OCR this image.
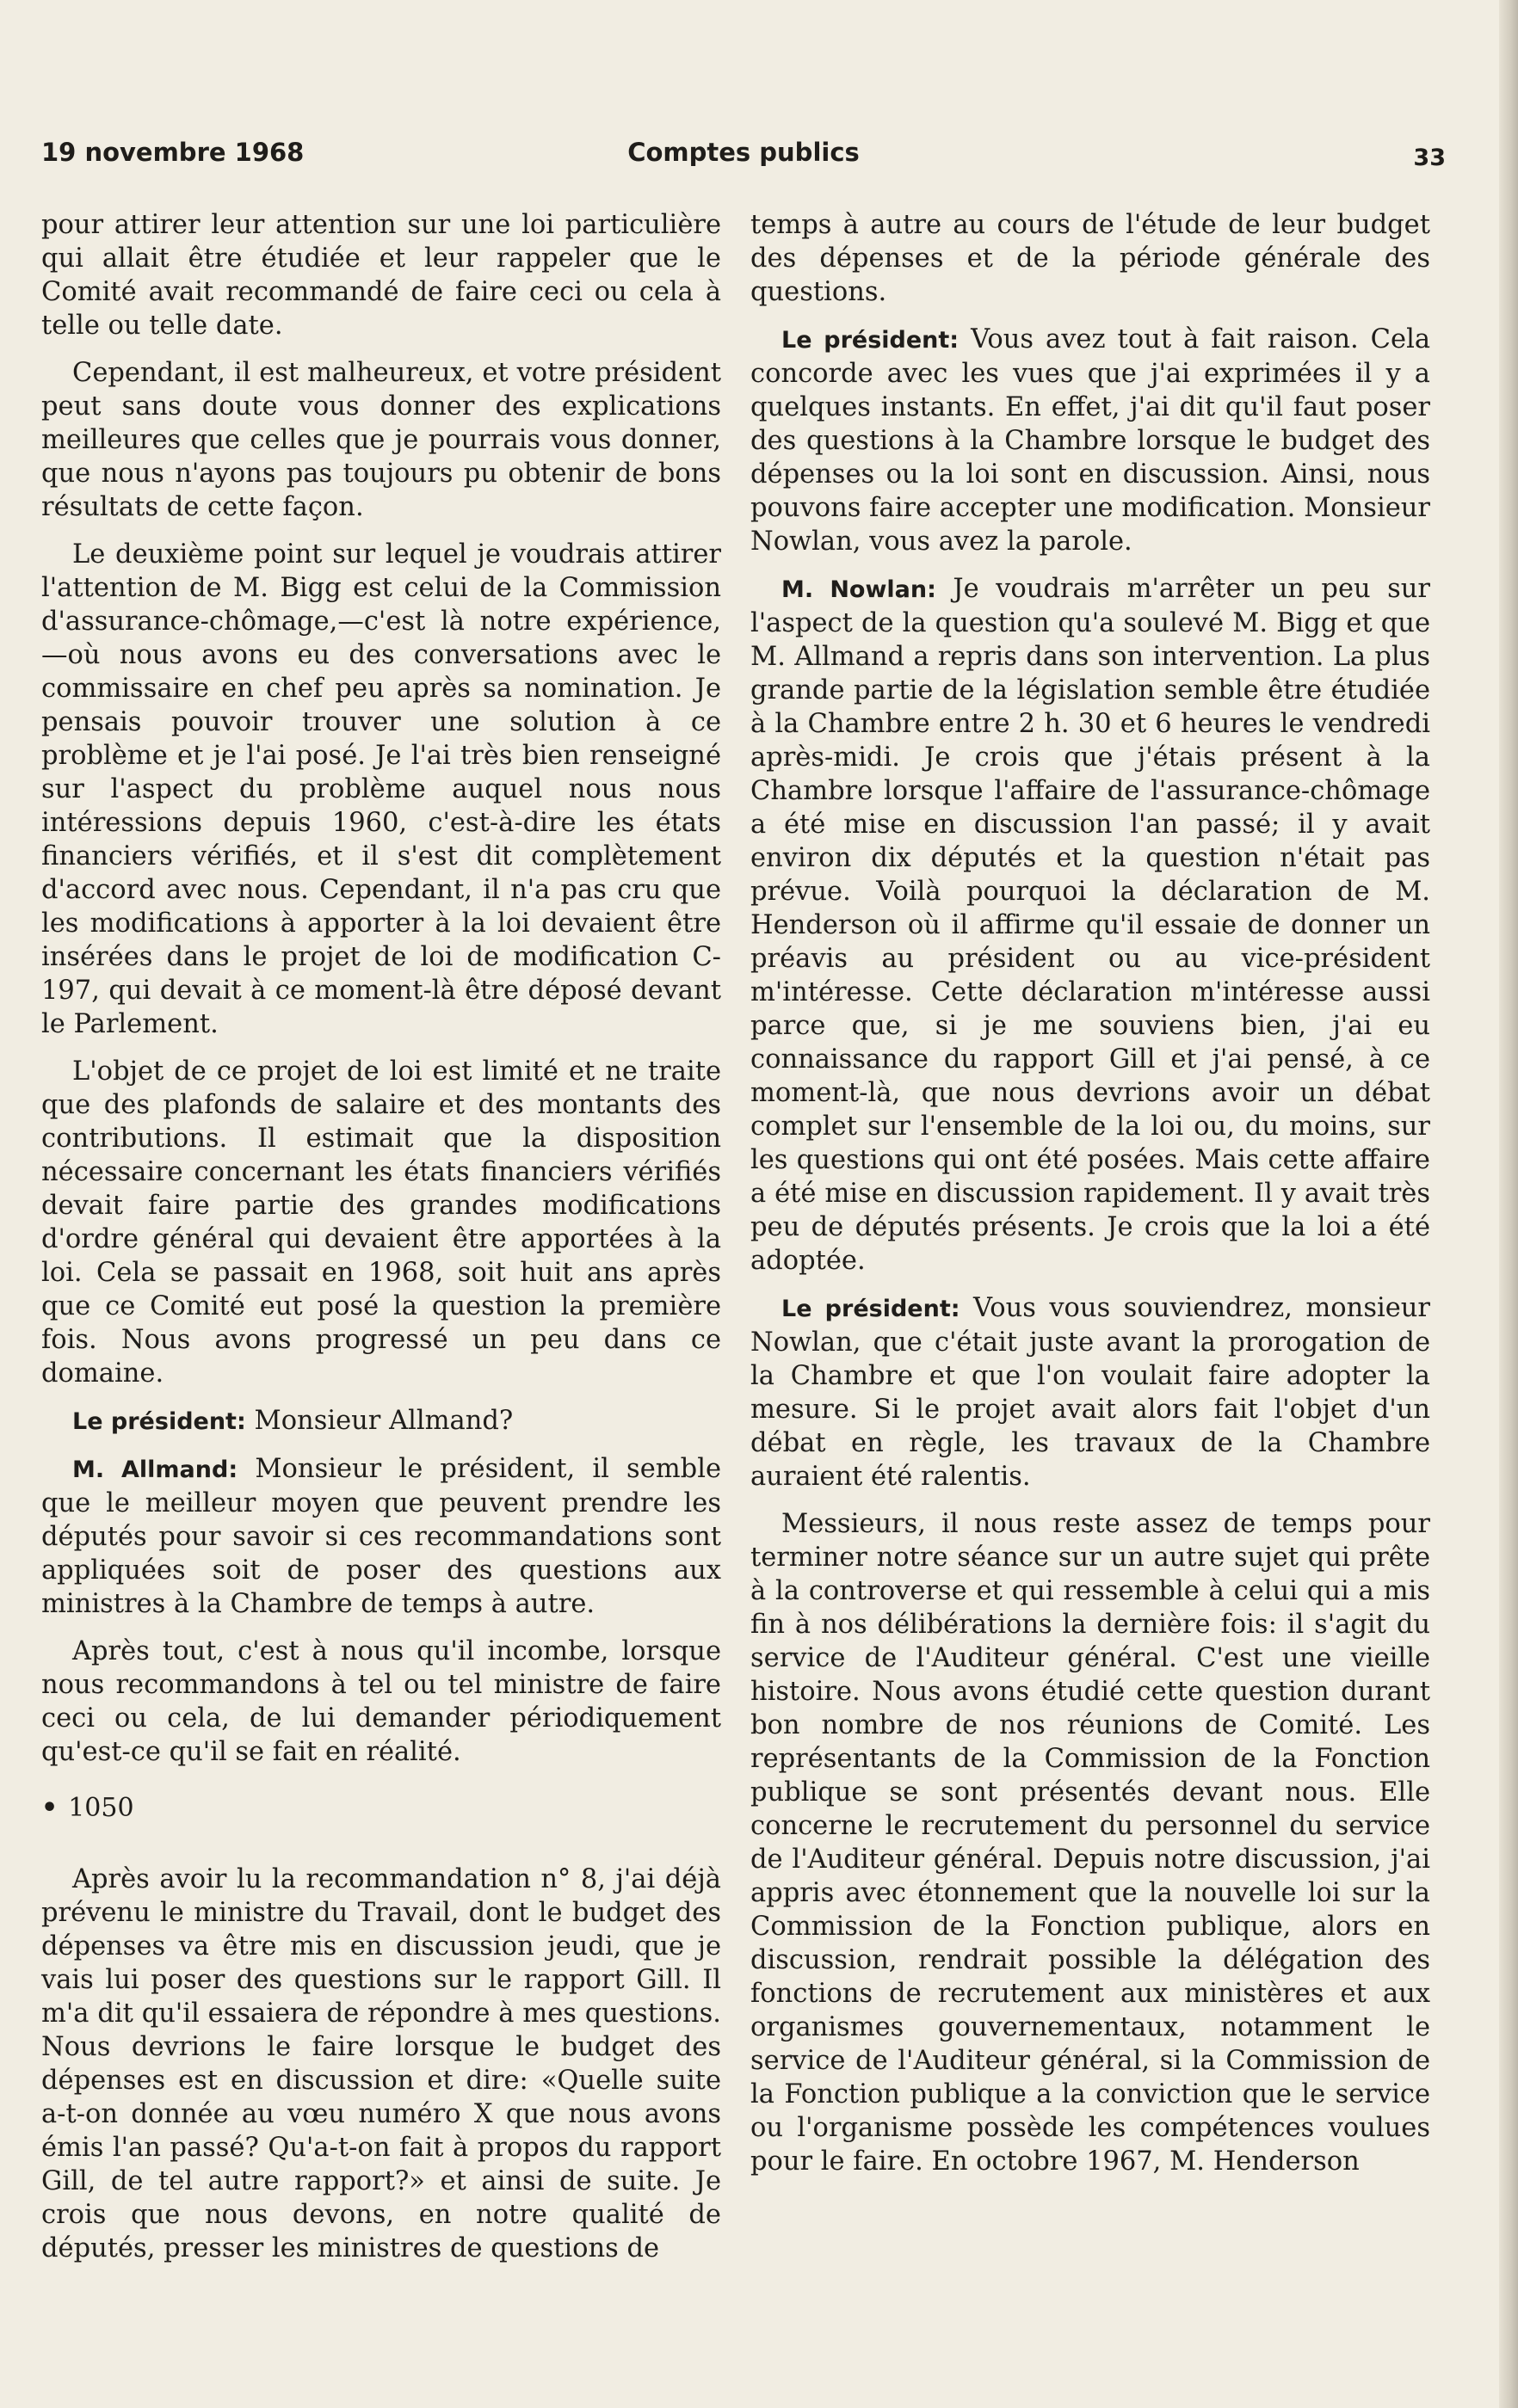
19 novembre 1968	Comptes publics	33

pour attirer leur attention sur une loi particulière qui allait être étudiée et leur rappeler que le Comité avait recommandé de faire ceci ou cela à telle ou telle date.

Cependant, il est malheureux, et votre président peut sans doute vous donner des explications meilleures que celles que je pourrais vous donner, que nous n'ayons pas toujours pu obtenir de bons résultats de cette façon.

Le deuxième point sur lequel je voudrais attirer l'attention de M. Bigg est celui de la Commission d'assurance-chômage,—c'est là notre expérience,—où nous avons eu des conversations avec le commissaire en chef peu après sa nomination. Je pensais pouvoir trouver une solution à ce problème et je l'ai posé. Je l'ai très bien renseigné sur l'aspect du problème auquel nous nous intéressions depuis 1960, c'est-à-dire les états financiers vérifiés, et il s'est dit complètement d'accord avec nous. Cependant, il n'a pas cru que les modifications à apporter à la loi devaient être insérées dans le projet de loi de modification C-197, qui devait à ce moment-là être déposé devant le Parlement.

L'objet de ce projet de loi est limité et ne traite que des plafonds de salaire et des montants des contributions. Il estimait que la disposition nécessaire concernant les états financiers vérifiés devait faire partie des grandes modifications d'ordre général qui devaient être apportées à la loi. Cela se passait en 1968, soit huit ans après que ce Comité eut posé la question la première fois. Nous avons progressé un peu dans ce domaine.

Le président: Monsieur Allmand?

M. Allmand: Monsieur le président, il semble que le meilleur moyen que peuvent prendre les députés pour savoir si ces recommandations sont appliquées soit de poser des questions aux ministres à la Chambre de temps à autre.

Après tout, c'est à nous qu'il incombe, lorsque nous recommandons à tel ou tel ministre de faire ceci ou cela, de lui demander périodiquement qu'est-ce qu'il se fait en réalité.

• 1050

Après avoir lu la recommandation n° 8, j'ai déjà prévenu le ministre du Travail, dont le budget des dépenses va être mis en discussion jeudi, que je vais lui poser des questions sur le rapport Gill. Il m'a dit qu'il essaiera de répondre à mes questions. Nous devrions le faire lorsque le budget des dépenses est en discussion et dire: «Quelle suite a-t-on donnée au vœu numéro X que nous avons émis l'an passé? Qu'a-t-on fait à propos du rapport Gill, de tel autre rapport?» et ainsi de suite. Je crois que nous devons, en notre qualité de députés, presser les ministres de questions de

temps à autre au cours de l'étude de leur budget des dépenses et de la période générale des questions.

Le président: Vous avez tout à fait raison. Cela concorde avec les vues que j'ai exprimées il y a quelques instants. En effet, j'ai dit qu'il faut poser des questions à la Chambre lorsque le budget des dépenses ou la loi sont en discussion. Ainsi, nous pouvons faire accepter une modification. Monsieur Nowlan, vous avez la parole.

M. Nowlan: Je voudrais m'arrêter un peu sur l'aspect de la question qu'a soulevé M. Bigg et que M. Allmand a repris dans son intervention. La plus grande partie de la législation semble être étudiée à la Chambre entre 2 h. 30 et 6 heures le vendredi après-midi. Je crois que j'étais présent à la Chambre lorsque l'affaire de l'assurance-chômage a été mise en discussion l'an passé; il y avait environ dix députés et la question n'était pas prévue. Voilà pourquoi la déclaration de M. Henderson où il affirme qu'il essaie de donner un préavis au président ou au vice-président m'intéresse. Cette déclaration m'intéresse aussi parce que, si je me souviens bien, j'ai eu connaissance du rapport Gill et j'ai pensé, à ce moment-là, que nous devrions avoir un débat complet sur l'ensemble de la loi ou, du moins, sur les questions qui ont été posées. Mais cette affaire a été mise en discussion rapidement. Il y avait très peu de députés présents. Je crois que la loi a été adoptée.

Le président: Vous vous souviendrez, monsieur Nowlan, que c'était juste avant la prorogation de la Chambre et que l'on voulait faire adopter la mesure. Si le projet avait alors fait l'objet d'un débat en règle, les travaux de la Chambre auraient été ralentis.

Messieurs, il nous reste assez de temps pour terminer notre séance sur un autre sujet qui prête à la controverse et qui ressemble à celui qui a mis fin à nos délibérations la dernière fois: il s'agit du service de l'Auditeur général. C'est une vieille histoire. Nous avons étudié cette question durant bon nombre de nos réunions de Comité. Les représentants de la Commission de la Fonction publique se sont présentés devant nous. Elle concerne le recrutement du personnel du service de l'Auditeur général. Depuis notre discussion, j'ai appris avec étonnement que la nouvelle loi sur la Commission de la Fonction publique, alors en discussion, rendrait possible la délégation des fonctions de recrutement aux ministères et aux organismes gouvernementaux, notamment le service de l'Auditeur général, si la Commission de la Fonction publique a la conviction que le service ou l'organisme possède les compétences voulues pour le faire. En octobre 1967, M. Henderson
